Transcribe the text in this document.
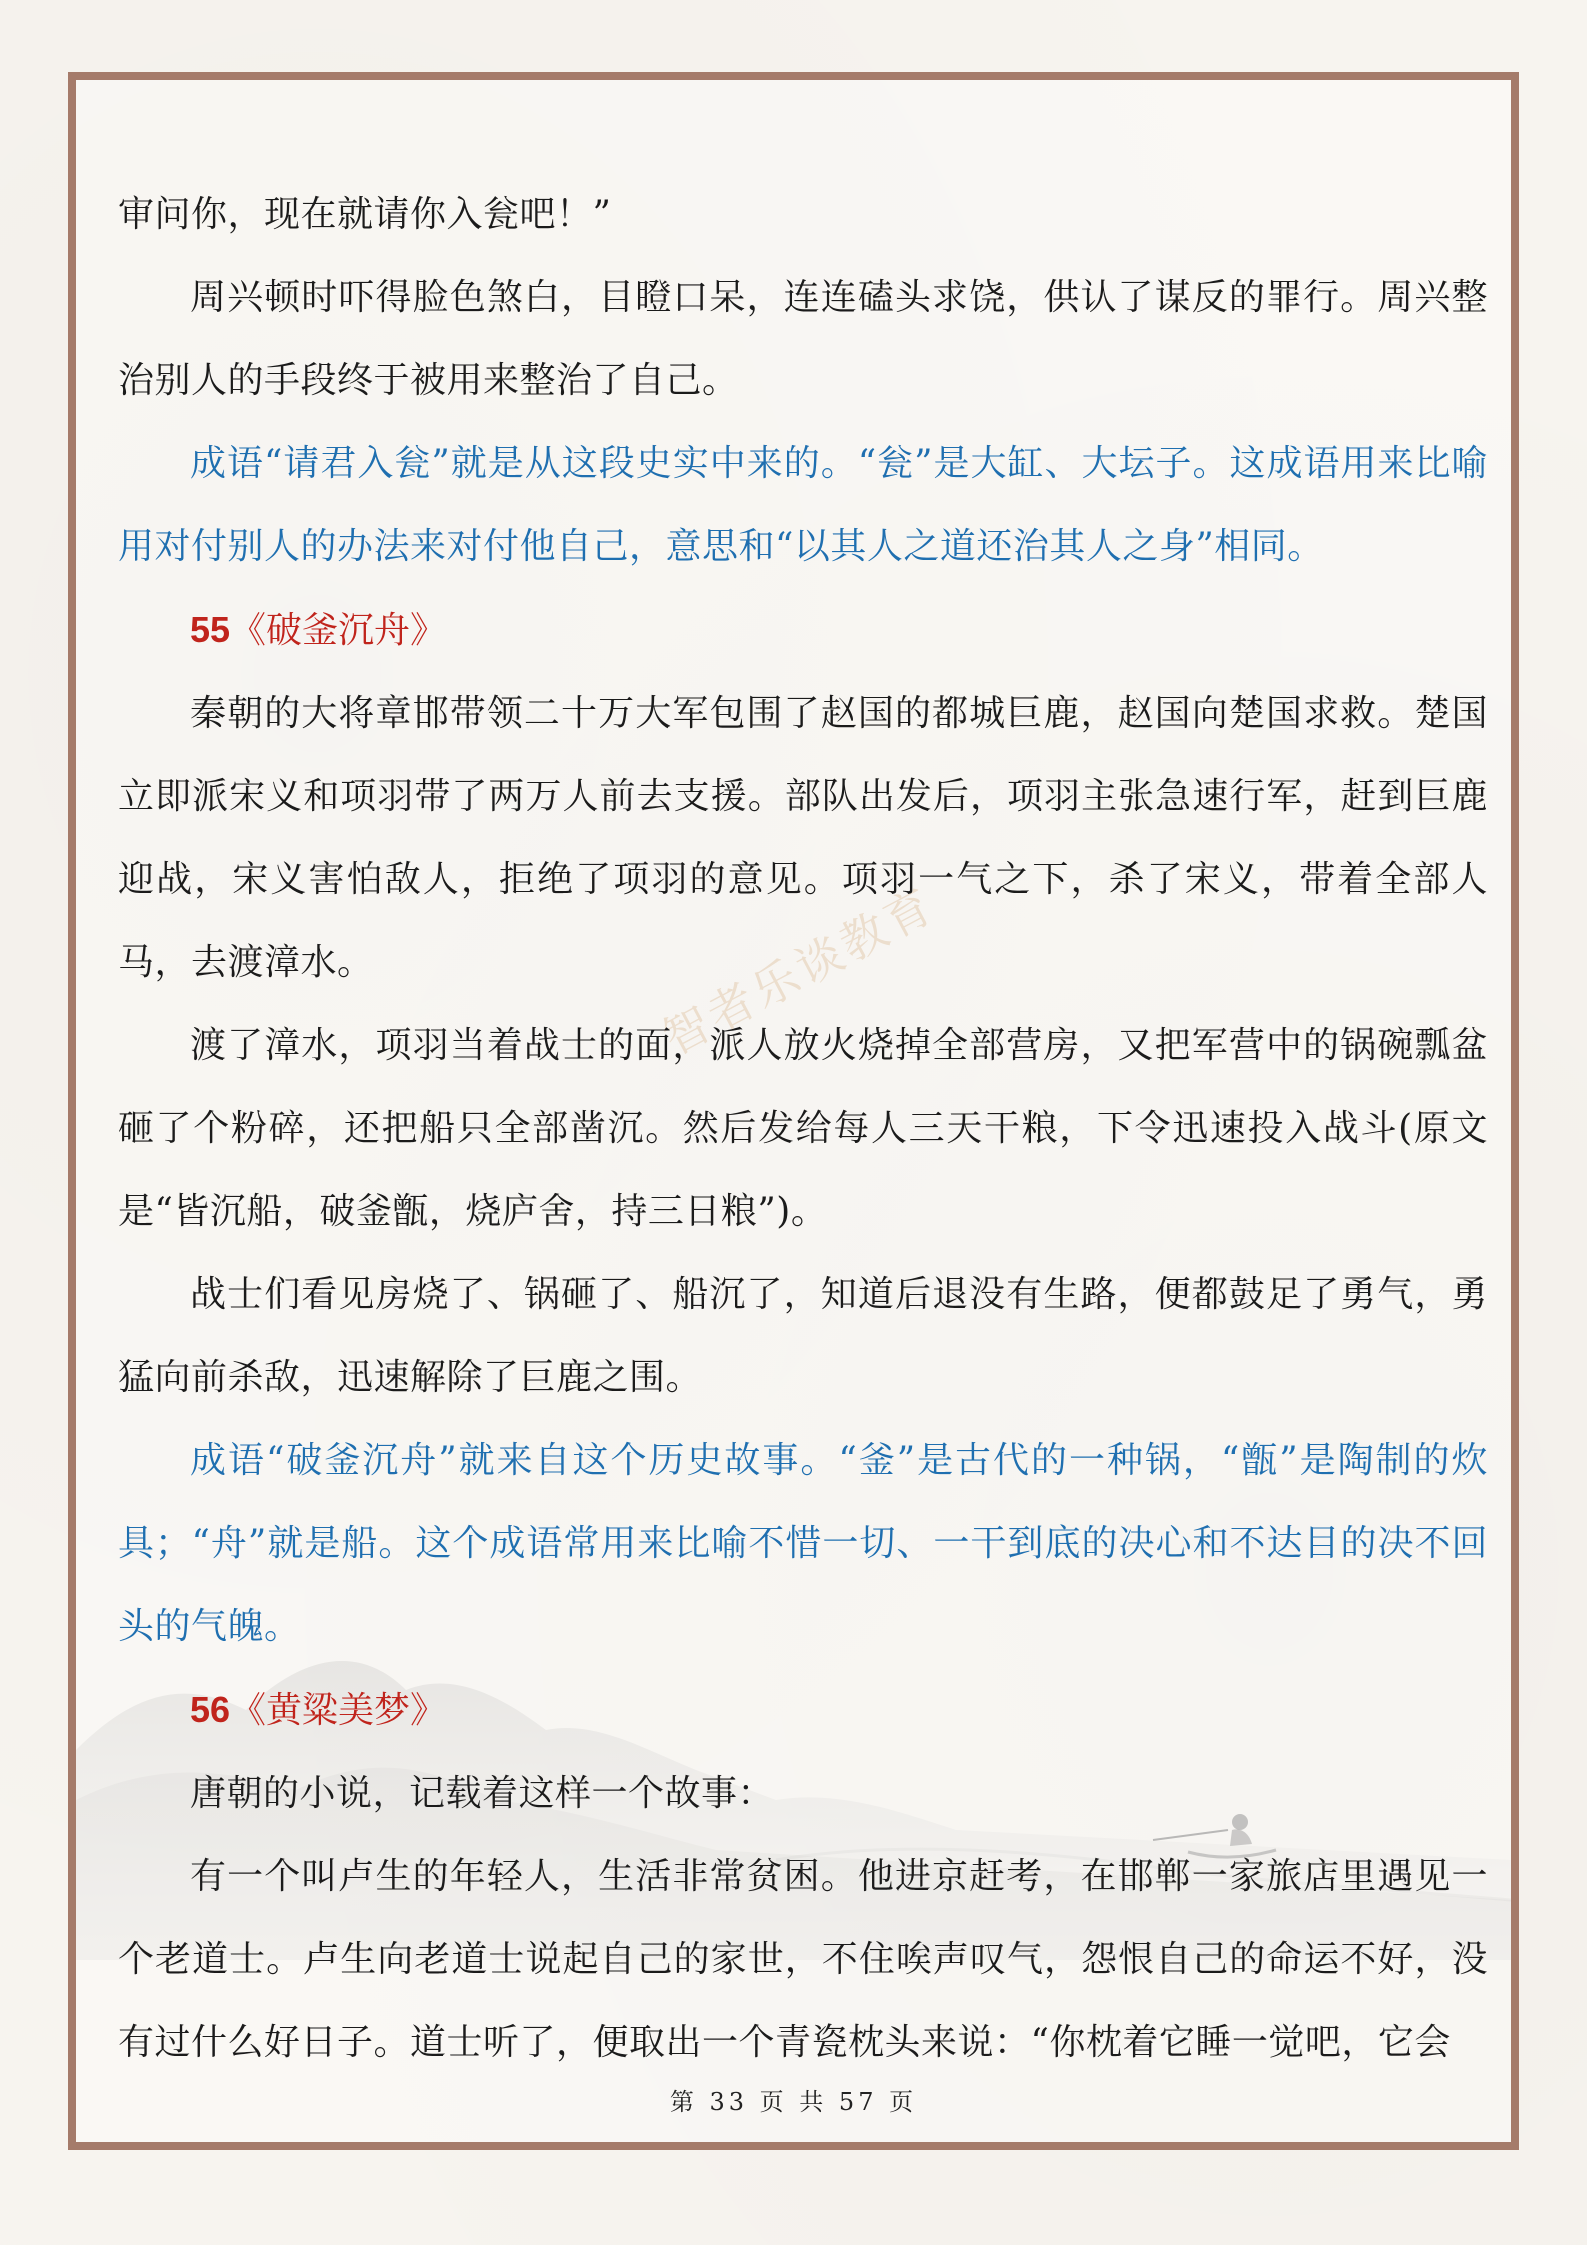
智者乐谈教育

审问你，现在就请你入瓮吧！”

周兴顿时吓得脸色煞白，目瞪口呆，连连磕头求饶，供认了谋反的罪行。周兴整治别人的手段终于被用来整治了自己。

成语“请君入瓮”就是从这段史实中来的。“瓮”是大缸、大坛子。这成语用来比喻用对付别人的办法来对付他自己，意思和“以其人之道还治其人之身”相同。

55《破釜沉舟》

秦朝的大将章邯带领二十万大军包围了赵国的都城巨鹿，赵国向楚国求救。楚国立即派宋义和项羽带了两万人前去支援。部队出发后，项羽主张急速行军，赶到巨鹿迎战，宋义害怕敌人，拒绝了项羽的意见。项羽一气之下，杀了宋义，带着全部人马，去渡漳水。

渡了漳水，项羽当着战士的面，派人放火烧掉全部营房，又把军营中的锅碗瓢盆砸了个粉碎，还把船只全部凿沉。然后发给每人三天干粮，下令迅速投入战斗(原文是“皆沉船，破釜甑，烧庐舍，持三日粮”)。

战士们看见房烧了、锅砸了、船沉了，知道后退没有生路，便都鼓足了勇气，勇猛向前杀敌，迅速解除了巨鹿之围。

成语“破釜沉舟”就来自这个历史故事。“釜”是古代的一种锅，“甑”是陶制的炊具；“舟”就是船。这个成语常用来比喻不惜一切、一干到底的决心和不达目的决不回头的气魄。

56《黄粱美梦》

唐朝的小说，记载着这样一个故事：

有一个叫卢生的年轻人，生活非常贫困。他进京赶考，在邯郸一家旅店里遇见一个老道士。卢生向老道士说起自己的家世，不住唉声叹气，怨恨自己的命运不好，没有过什么好日子。道士听了，便取出一个青瓷枕头来说：“你枕着它睡一觉吧，它会

第 33 页 共 57 页
